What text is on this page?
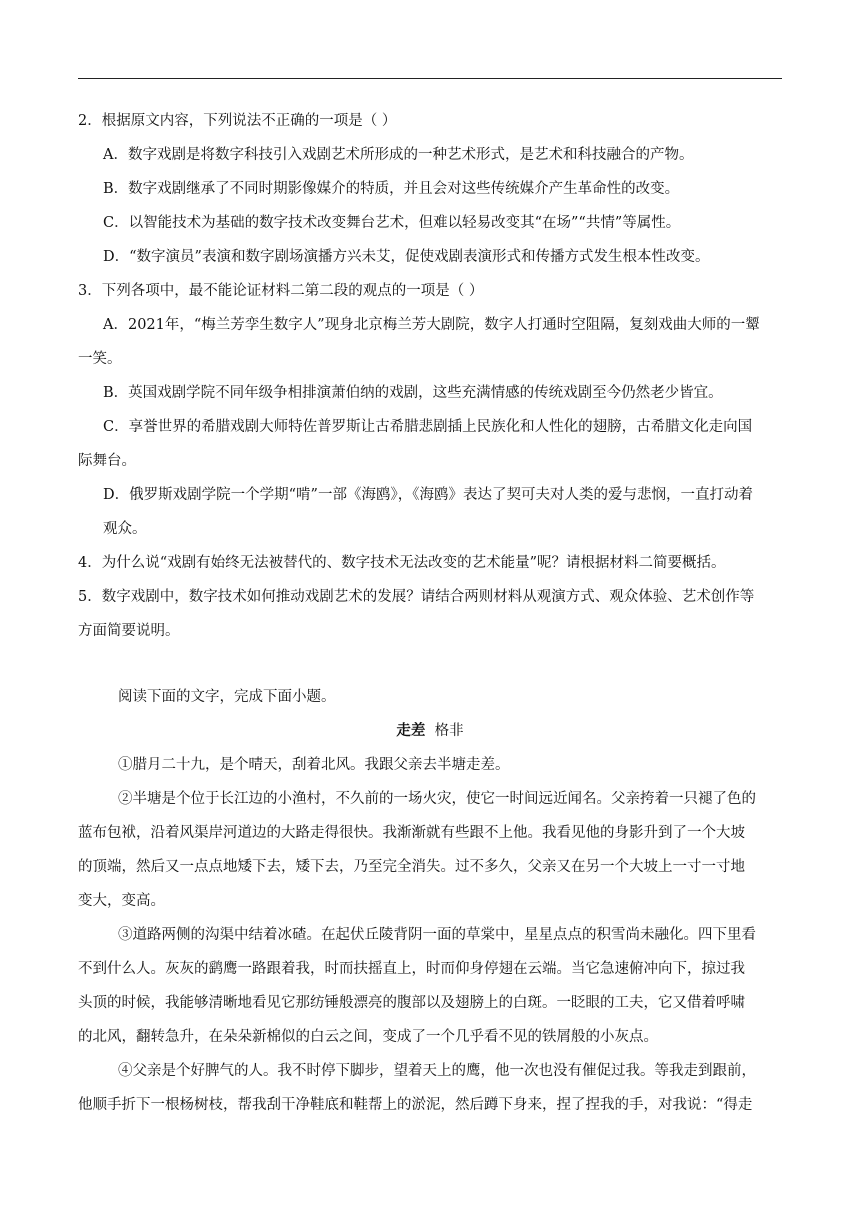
2．根据原文内容，下列说法不正确的一项是（ ）
A．数字戏剧是将数字科技引入戏剧艺术所形成的一种艺术形式，是艺术和科技融合的产物。
B．数字戏剧继承了不同时期影像媒介的特质，并且会对这些传统媒介产生革命性的改变。
C．以智能技术为基础的数字技术改变舞台艺术，但难以轻易改变其“在场”“共情”等属性。
D．“数字演员”表演和数字剧场演播方兴未艾，促使戏剧表演形式和传播方式发生根本性改变。
3．下列各项中，最不能论证材料二第二段的观点的一项是（ ）
A．2021年，“梅兰芳孪生数字人”现身北京梅兰芳大剧院，数字人打通时空阻隔，复刻戏曲大师的一颦
一笑。
B．英国戏剧学院不同年级争相排演萧伯纳的戏剧，这些充满情感的传统戏剧至今仍然老少皆宜。
C．享誉世界的希腊戏剧大师特佐普罗斯让古希腊悲剧插上民族化和人性化的翅膀，古希腊文化走向国
际舞台。
D．俄罗斯戏剧学院一个学期“啃”一部《海鸥》，《海鸥》表达了契可夫对人类的爱与悲悯，一直打动着
观众。
4．为什么说“戏剧有始终无法被替代的、数字技术无法改变的艺术能量”呢？请根据材料二简要概括。
5．数字戏剧中，数字技术如何推动戏剧艺术的发展？请结合两则材料从观演方式、观众体验、艺术创作等
方面简要说明。
阅读下面的文字，完成下面小题。
走差 格非
①腊月二十九，是个晴天，刮着北风。我跟父亲去半塘走差。
②半塘是个位于长江边的小渔村，不久前的一场火灾，使它一时间远近闻名。父亲挎着一只褪了色的
蓝布包袱，沿着风渠岸河道边的大路走得很快。我渐渐就有些跟不上他。我看见他的身影升到了一个大坡
的顶端，然后又一点点地矮下去，矮下去，乃至完全消失。过不多久，父亲又在另一个大坡上一寸一寸地
变大，变高。
③道路两侧的沟渠中结着冰碴。在起伏丘陵背阴一面的草棠中，星星点点的积雪尚未融化。四下里看
不到什么人。灰灰的鹞鹰一路跟着我，时而扶摇直上，时而仰身停翅在云端。当它急速俯冲向下，掠过我
头顶的时候，我能够清晰地看见它那纺锤般漂亮的腹部以及翅膀上的白斑。一眨眼的工夫，它又借着呼啸
的北风，翻转急升，在朵朵新棉似的白云之间，变成了一个几乎看不见的铁屑般的小灰点。
④父亲是个好脾气的人。我不时停下脚步，望着天上的鹰，他一次也没有催促过我。等我走到跟前，
他顺手折下一根杨树枝，帮我刮干净鞋底和鞋帮上的淤泥，然后蹲下身来，捏了捏我的手，对我说：“得走
